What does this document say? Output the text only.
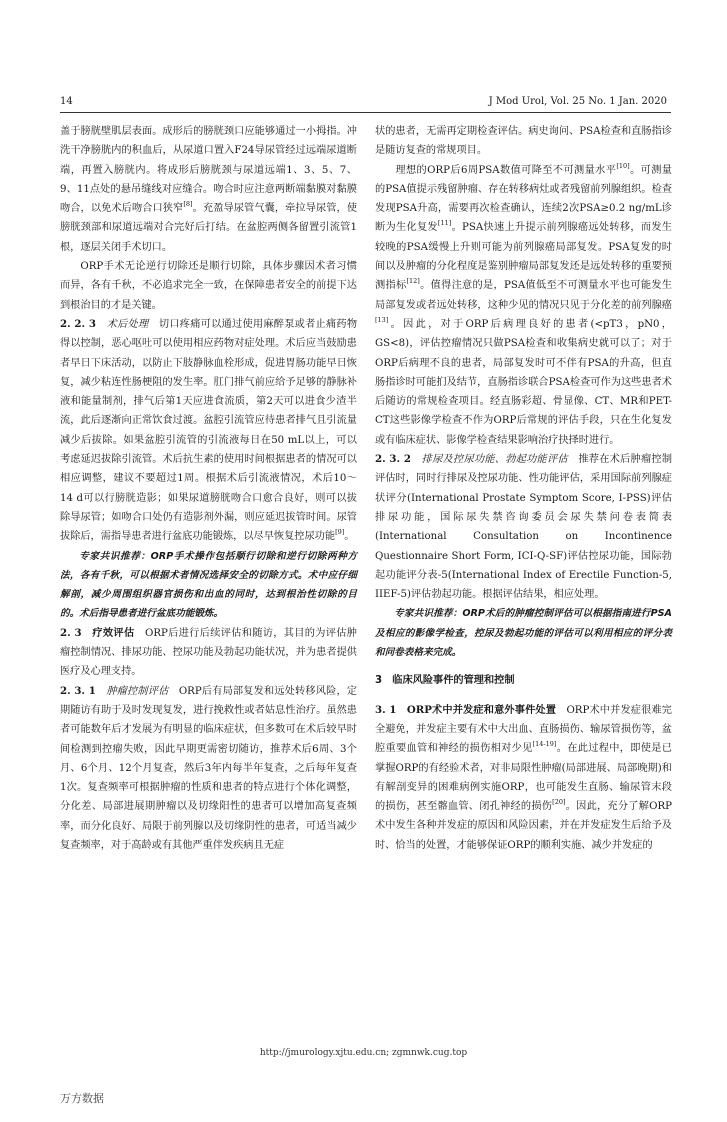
14	J Mod Urol, Vol. 25 No. 1 Jan. 2020

盖于膀胱壁肌层表面。成形后的膀胱颈口应能够通过一小拇指。冲洗干净膀胱内的积血后，从尿道口置入F24导尿管经过远端尿道断端，再置入膀胱内。将成形后膀胱颈与尿道远端1、3、5、7、9、11点处的悬吊缝线对应缝合。吻合时应注意两断端黏膜对黏膜吻合，以免术后吻合口狭窄[8]。充盈导尿管气囊，牵拉导尿管，使膀胱颈部和尿道远端对合完好后打结。在盆腔两侧各留置引流管1根，逐层关闭手术切口。

ORP手术无论逆行切除还是顺行切除，具体步骤因术者习惯而异，各有千秋，不必追求完全一致，在保障患者安全的前提下达到根治目的才是关键。

2. 2. 3　 术后处理　 切口疼痛可以通过使用麻醉泵或者止痛药物得以控制，恶心呕吐可以使用相应药物对症处理。术后应当鼓励患者早日下床活动，以防止下肢静脉血栓形成，促进胃肠功能早日恢复，减少粘连性肠梗阻的发生率。肛门排气前应给予足够的静脉补液和能量制剂，排气后第1天应进食流质，第2天可以进食少渣半流，此后逐渐向正常饮食过渡。盆腔引流管应待患者排气且引流量减少后拔除。如果盆腔引流管的引流液每日在50 mL以上，可以考虑延迟拔除引流管。术后抗生素的使用时间根据患者的情况可以相应调整，建议不要超过1周。根据术后引流液情况，术后10～14 d可以行膀胱造影；如果尿道膀胱吻合口愈合良好，则可以拔除导尿管；如吻合口处仍有造影剂外漏，则应延迟拔管时间。尿管拔除后，需指导患者进行盆底功能锻炼，以尽早恢复控尿功能[9]。

专家共识推荐：ORP手术操作包括顺行切除和逆行切除两种方法，各有千秋，可以根据术者情况选择安全的切除方式。术中应仔细解剖，减少周围组织器官损伤和出血的同时，达到根治性切除的目的。术后指导患者进行盆底功能锻炼。

2. 3　 疗效评估　 ORP后进行后续评估和随访，其目的为评估肿瘤控制情况、排尿功能、控尿功能及勃起功能状况，并为患者提供医疗及心理支持。

2. 3. 1　 肿瘤控制评估　 ORP后有局部复发和远处转移风险，定期随访有助于及时发现复发，进行挽救性或者姑息性治疗。虽然患者可能数年后才发展为有明显的临床症状，但多数可在术后较早时间检测到控瘤失败，因此早期更需密切随访，推荐术后6周、3个月、6个月、12个月复查，然后3年内每半年复查，之后每年复查1次。复查频率可根据肿瘤的性质和患者的特点进行个体化调整，分化差、局部进展期肿瘤以及切缘阳性的患者可以增加高复查频率，而分化良好、局限于前列腺以及切缘阴性的患者，可适当减少复查频率，对于高龄或有其他严重伴发疾病且无症

状的患者，无需再定期检查评估。病史询问、PSA检查和直肠指诊是随访复查的常规项目。

理想的ORP后6周PSA数值可降至不可测量水平[10]。可测量的PSA值提示残留肿瘤、存在转移病灶或者残留前列腺组织。检查发现PSA升高，需要再次检查确认，连续2次PSA≥0.2 ng/mL诊断为生化复发[11]。PSA快速上升提示前列腺癌远处转移，而发生较晚的PSA缓慢上升则可能为前列腺癌局部复发。PSA复发的时间以及肿瘤的分化程度是鉴别肿瘤局部复发还是远处转移的重要预测指标[12]。值得注意的是，PSA值低至不可测量水平也可能发生局部复发或者远处转移，这种少见的情况只见于分化差的前列腺癌[13]。因此，对于ORP后病理良好的患者(<pT3，pN0，GS<8)，评估控瘤情况只做PSA检查和收集病史就可以了；对于ORP后病理不良的患者，局部复发时可不伴有PSA的升高，但直肠指诊时可能扪及结节，直肠指诊联合PSA检查可作为这些患者术后随访的常规检查项目。经直肠彩超、骨显像、CT、MR和PET-CT这些影像学检查不作为ORP后常规的评估手段，只在生化复发或有临床症状、影像学检查结果影响治疗抉择时进行。

2. 3. 2　 排尿及控尿功能、勃起功能评估　 推荐在术后肿瘤控制评估时，同时行排尿及控尿功能、性功能评估，采用国际前列腺症状评分(International Prostate Symptom Score, I-PSS)评估排尿功能，国际尿失禁咨询委员会尿失禁问卷表简表(International Consultation on Incontinence Questionnaire Short Form, ICI-Q-SF)评估控尿功能，国际勃起功能评分表-5(International Index of Erectile Function-5, IIEF-5)评估勃起功能。根据评估结果，相应处理。

专家共识推荐：ORP术后的肿瘤控制评估可以根据指南进行PSA及相应的影像学检查，控尿及勃起功能的评估可以利用相应的评分表和问卷表格来完成。

3　临床风险事件的管理和控制

3. 1　 ORP术中并发症和意外事件处置　 ORP术中并发症很难完全避免，并发症主要有术中大出血、直肠损伤、输尿管损伤等，盆腔重要血管和神经的损伤相对少见[14-19]。在此过程中，即使是已掌握ORP的有经验术者，对非局限性肿瘤(局部进展、局部晚期)和有解剖变异的困难病例实施ORP，也可能发生直肠、输尿管末段的损伤，甚至髂血管、闭孔神经的损伤[20]。因此，充分了解ORP术中发生各种并发症的原因和风险因素，并在并发症发生后给予及时、恰当的处置，才能够保证ORP的顺利实施、减少并发症的

http://jmurology.xjtu.edu.cn; zgmnwk.cug.top
万方数据
